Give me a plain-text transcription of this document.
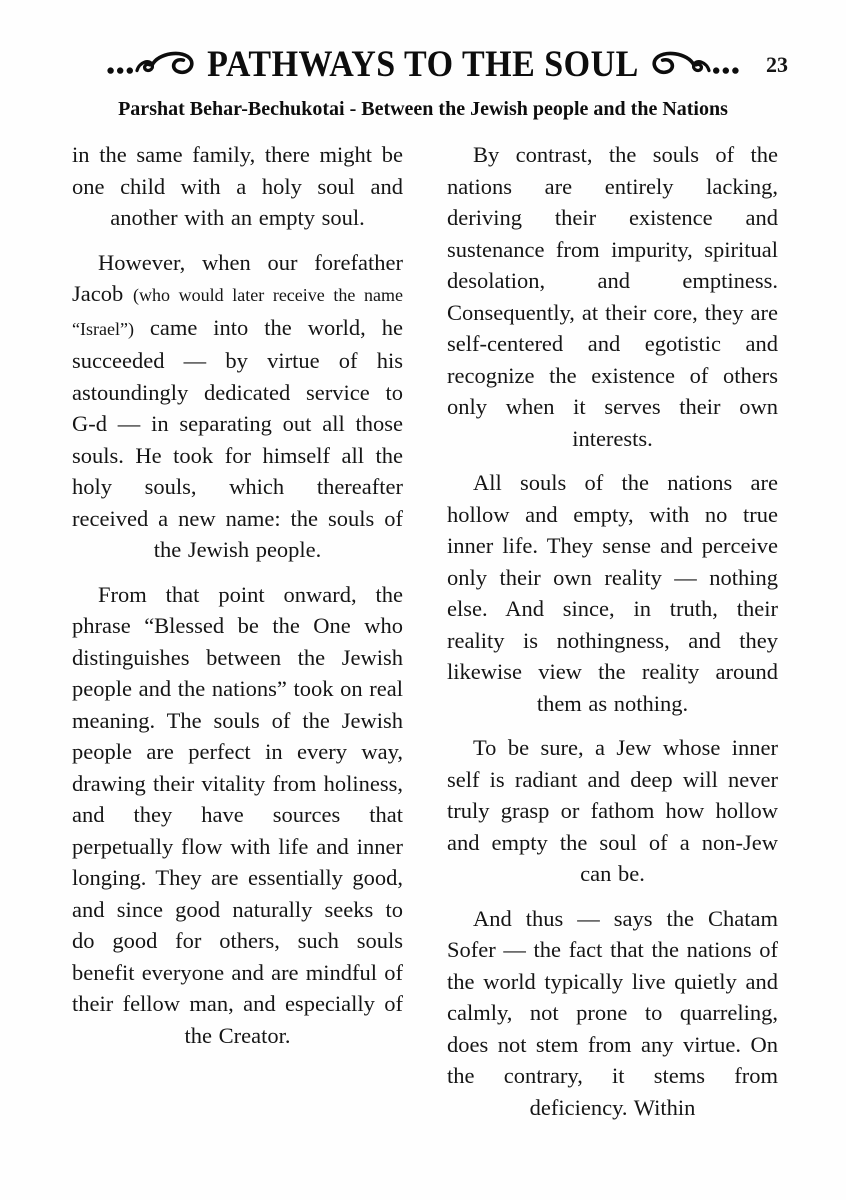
PATHWAYS TO THE SOUL	23
Parshat Behar-Bechukotai - Between the Jewish people and the Nations

in the same family, there might be one child with a holy soul and another with an empty soul.

However, when our forefather Jacob (who would later receive the name “Israel”) came into the world, he succeeded — by virtue of his astoundingly dedicated service to G-d — in separating out all those souls. He took for himself all the holy souls, which thereafter received a new name: the souls of the Jewish people.

From that point onward, the phrase “Blessed be the One who distinguishes between the Jewish people and the nations” took on real meaning. The souls of the Jewish people are perfect in every way, drawing their vitality from holiness, and they have sources that perpetually flow with life and inner longing. They are essentially good, and since good naturally seeks to do good for others, such souls benefit everyone and are mindful of their fellow man, and especially of the Creator.

By contrast, the souls of the nations are entirely lacking, deriving their existence and sustenance from impurity, spiritual desolation, and emptiness. Consequently, at their core, they are self-centered and egotistic and recognize the existence of others only when it serves their own interests.

All souls of the nations are hollow and empty, with no true inner life. They sense and perceive only their own reality — nothing else. And since, in truth, their reality is nothingness, and they likewise view the reality around them as nothing.

To be sure, a Jew whose inner self is radiant and deep will never truly grasp or fathom how hollow and empty the soul of a non-Jew can be.

And thus — says the Chatam Sofer — the fact that the nations of the world typically live quietly and calmly, not prone to quarreling, does not stem from any virtue. On the contrary, it stems from deficiency. Within
